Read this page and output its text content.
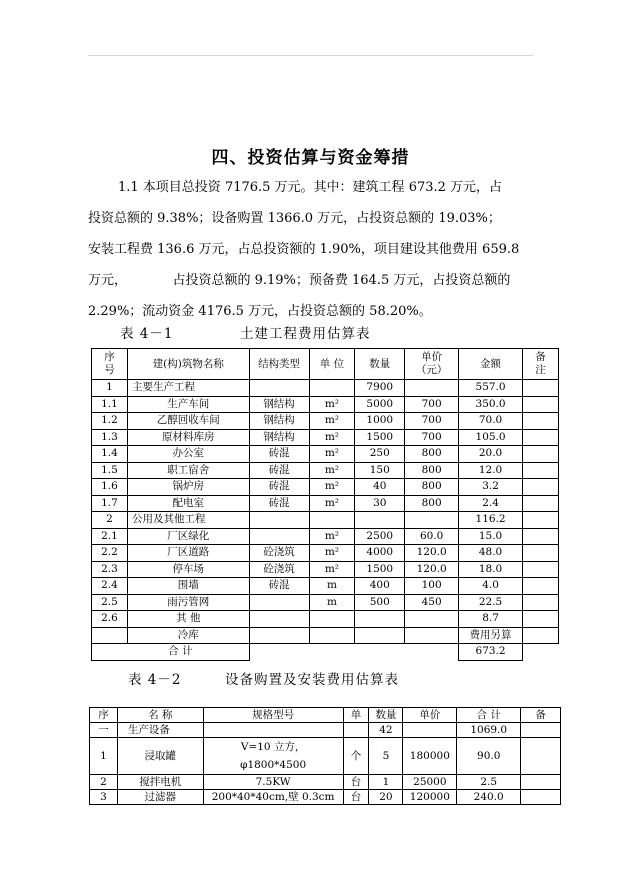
四、投资估算与资金筹措
1.1 本项目总投资 7176.5 万元。其中：建筑工程 673.2 万元，占
投资总额的 9.38%；设备购置 1366.0 万元，占投资总额的 19.03%；
安装工程费 136.6 万元，占总投资额的 1.90%，项目建设其他费用 659.8
万元，           占投资总额的 9.19%；预备费 164.5 万元，占投资总额的
2.29%；流动资金 4176.5 万元，占投资总额的 58.20%。
表 4－1	土建工程费用估算表
序号	建(构)筑物名称	结构类型	单 位	数量	单价（元）	金额	备注
1	主要生产工程			7900		557.0	
1.1	生产车间	钢结构	m²	5000	700	350.0	
1.2	乙醇回收车间	钢结构	m²	1000	700	70.0	
1.3	原材料库房	钢结构	m²	1500	700	105.0	
1.4	办公室	砖混	m²	250	800	20.0	
1.5	职工宿舍	砖混	m²	150	800	12.0	
1.6	锅炉房	砖混	m²	40	800	3.2	
1.7	配电室	砖混	m²	30	800	2.4	
2	公用及其他工程					116.2	
2.1	厂区绿化		m²	2500	60.0	15.0	
2.2	厂区道路	砼浇筑	m²	4000	120.0	48.0	
2.3	停车场	砼浇筑	m²	1500	120.0	18.0	
2.4	围墙	砖混	m	400	100	4.0	
2.5	雨污管网		m	500	450	22.5	
2.6	其 他					8.7	
	冷库					费用另算	
合 计						673.2	
表 4－2	设备购置及安装费用估算表
序	名 称	规格型号	单	数量	单价	合 计	备
一	生产设备			42		1069.0	
1	浸取罐	V=10 立方，
φ1800*4500	个	5	180000	90.0	
2	搅拌电机	7.5KW	台	1	25000	2.5	
3	过滤器	200*40*40cm,壁 0.3cm	台	20	120000	240.0	
